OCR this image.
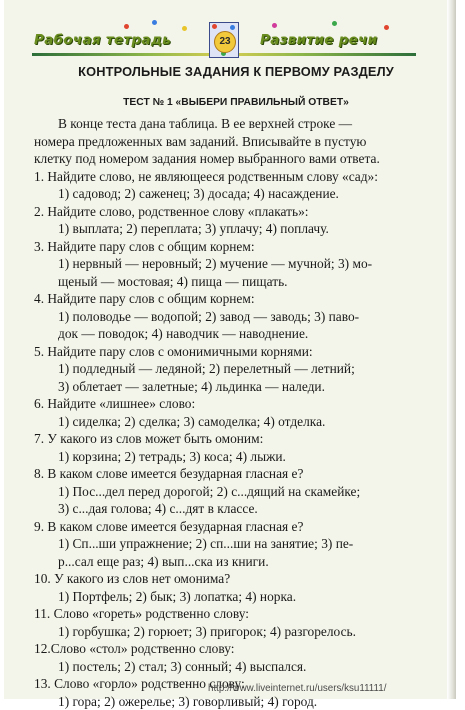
Рабочая тетрадь	Развитие речи
23
КОНТРОЛЬНЫЕ ЗАДАНИЯ К ПЕРВОМУ РАЗДЕЛУ
ТЕСТ № 1 «ВЫБЕРИ ПРАВИЛЬНЫЙ ОТВЕТ»
В конце теста дана таблица. В ее верхней строке —
номера предложенных вам заданий. Вписывайте в пустую
клетку под номером задания номер выбранного вами ответа.
1. Найдите слово, не являющееся родственным слову «сад»:
1) садовод; 2) саженец; 3) досада; 4) насаждение.
2. Найдите слово, родственное слову «плакать»:
1) выплата; 2) переплата; 3) уплачу; 4) поплачу.
3. Найдите пару слов с общим корнем:
1) нервный — неровный; 2) мучение — мучной; 3) мо-
щеный — мостовая; 4) пища — пищать.
4. Найдите пару слов с общим корнем:
1) половодье — водопой; 2) завод — заводь; 3) паво-
док — поводок; 4) наводчик — наводнение.
5. Найдите пару слов с омонимичными корнями:
1) подледный — ледяной; 2) перелетный — летний;
3) облетает — залетные; 4) льдинка — наледи.
6. Найдите «лишнее» слово:
1) сиделка; 2) сделка; 3) самоделка; 4) отделка.
7. У какого из слов может быть омоним:
1) корзина; 2) тетрадь; 3) коса; 4) лыжи.
8. В каком слове имеется безударная гласная е?
1) Пос...дел перед дорогой; 2) с...дящий на скамейке;
3) с...дая голова; 4) с...дят в классе.
9. В каком слове имеется безударная гласная е?
1) Сп...ши упражнение; 2) сп...ши на занятие; 3) пе-
р...сал еще раз; 4) вып...ска из книги.
10. У какого из слов нет омонима?
1) Портфель; 2) бык; 3) лопатка; 4) норка.
11. Слово «гореть» родственно слову:
1) горбушка; 2) горюет; 3) пригорок; 4) разгорелось.
12.Слово «стол» родственно слову:
1) постель; 2) стал; 3) сонный; 4) выспался.
13. Слово «горло» родственно слову:
1) гора; 2) ожерелье; 3) говорливый; 4) город.
http://www.liveinternet.ru/users/ksu11111/
